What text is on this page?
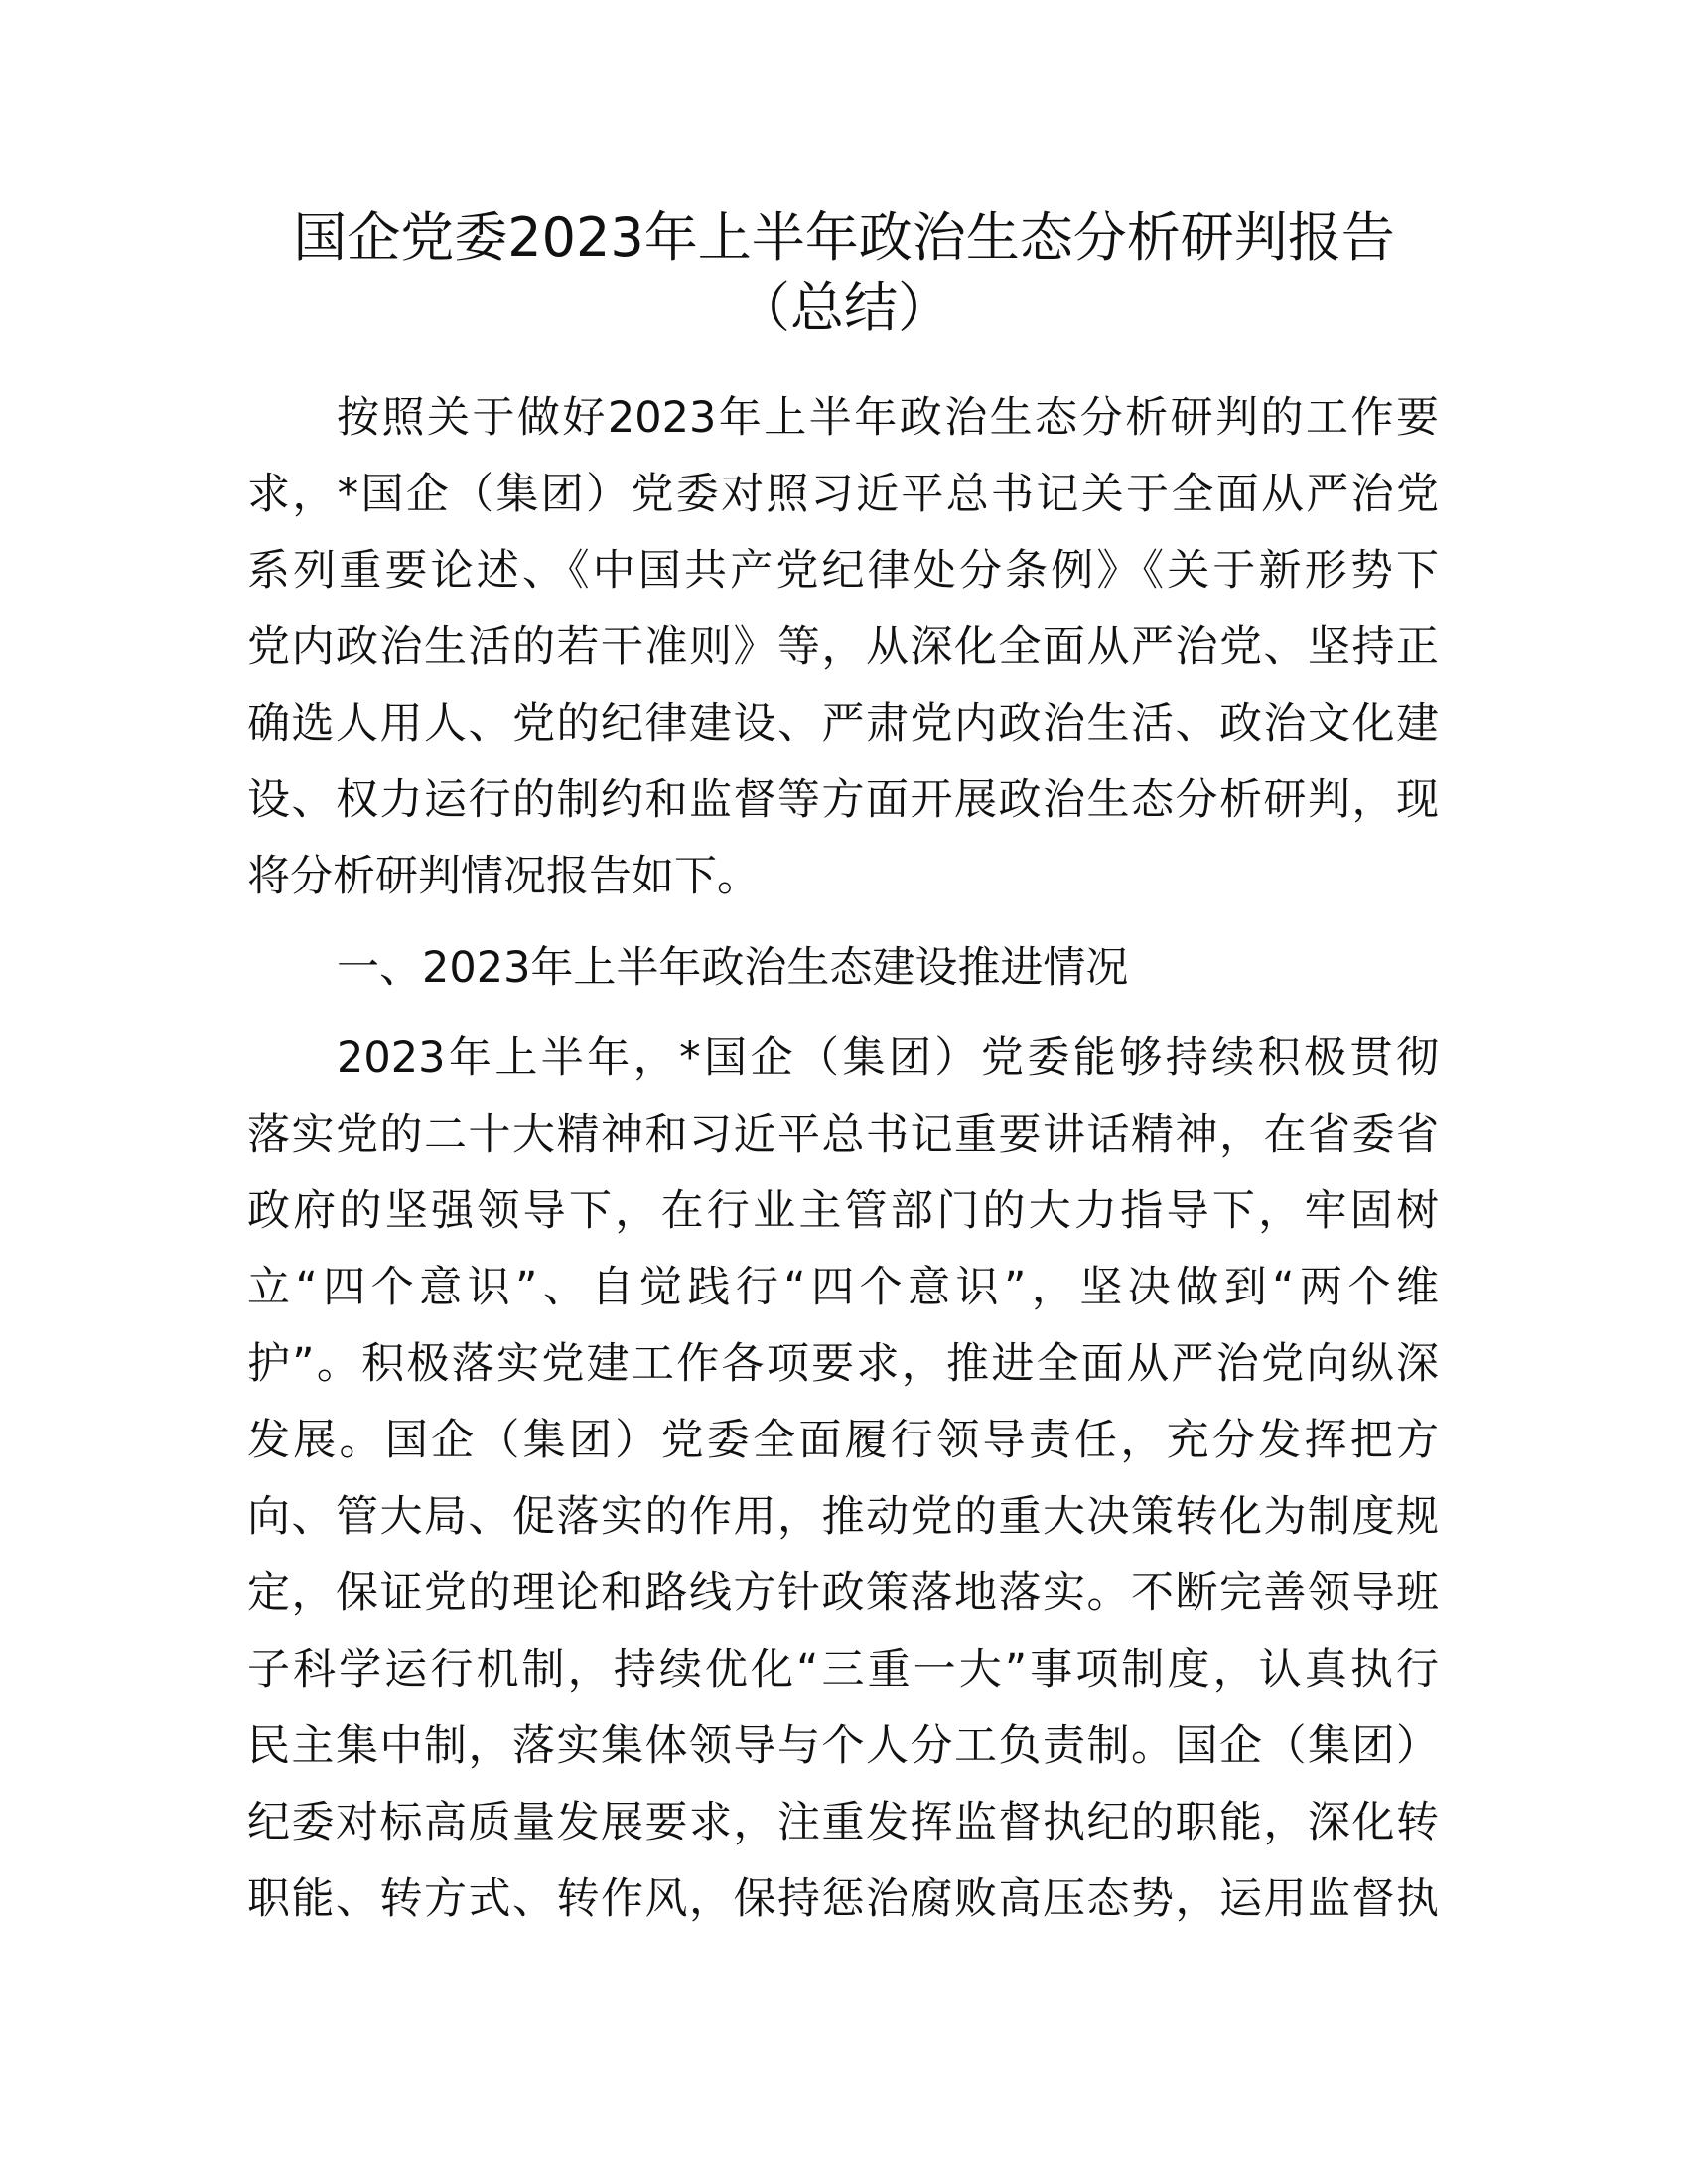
国企党委2023年上半年政治生态分析研判报告
（总结）
按照关于做好2023年上半年政治生态分析研判的工作要
求，*国企（集团）党委对照习近平总书记关于全面从严治党
系列重要论述、《中国共产党纪律处分条例》《关于新形势下
党内政治生活的若干准则》等，从深化全面从严治党、坚持正
确选人用人、党的纪律建设、严肃党内政治生活、政治文化建
设、权力运行的制约和监督等方面开展政治生态分析研判，现
将分析研判情况报告如下。
一、2023年上半年政治生态建设推进情况
2023年上半年，*国企（集团）党委能够持续积极贯彻
落实党的二十大精神和习近平总书记重要讲话精神，在省委省
政府的坚强领导下，在行业主管部门的大力指导下，牢固树
立“四个意识”、自觉践行“四个意识”，坚决做到“两个维
护”。积极落实党建工作各项要求，推进全面从严治党向纵深
发展。国企（集团）党委全面履行领导责任，充分发挥把方
向、管大局、促落实的作用，推动党的重大决策转化为制度规
定，保证党的理论和路线方针政策落地落实。不断完善领导班
子科学运行机制，持续优化“三重一大”事项制度，认真执行
民主集中制，落实集体领导与个人分工负责制。国企（集团）
纪委对标高质量发展要求，注重发挥监督执纪的职能，深化转
职能、转方式、转作风，保持惩治腐败高压态势，运用监督执
